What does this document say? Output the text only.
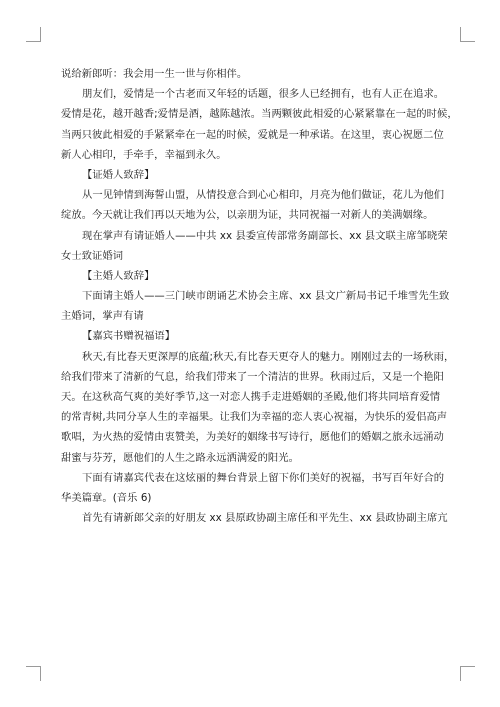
说给新郎听：我会用一生一世与你相伴。
朋友们，爱情是一个古老而又年轻的话题，很多人已经拥有，也有人正在追求。
爱情是花，越开越香;爱情是酒，越陈越浓。当两颗彼此相爱的心紧紧靠在一起的时候，
当两只彼此相爱的手紧紧牵在一起的时候，爱就是一种承诺。在这里，衷心祝愿二位
新人心相印，手牵手，幸福到永久。
【证婚人致辞】
从一见钟情到海誓山盟，从情投意合到心心相印，月亮为他们做证，花儿为他们
绽放。今天就让我们再以天地为公，以亲朋为证，共同祝福一对新人的美满姻缘。
现在掌声有请证婚人——中共 xx 县委宣传部常务副部长、xx 县文联主席邹晓荣
女士致证婚词
【主婚人致辞】
下面请主婚人——三门峡市朗诵艺术协会主席、xx 县文广新局书记千堆雪先生致
主婚词，掌声有请
【嘉宾书赠祝福语】
秋天,有比春天更深厚的底蕴;秋天,有比春天更夺人的魅力。刚刚过去的一场秋雨，
给我们带来了清新的气息，给我们带来了一个清洁的世界。秋雨过后，又是一个艳阳
天。在这秋高气爽的美好季节,这一对恋人携手走进婚姻的圣殿,他们将共同培育爱情
的常青树,共同分享人生的幸福果。让我们为幸福的恋人衷心祝福，为快乐的爱侣高声
歌唱，为火热的爱情由衷赞美，为美好的姻缘书写诗行，愿他们的婚姻之旅永远涌动
甜蜜与芬芳，愿他们的人生之路永远洒满爱的阳光。
下面有请嘉宾代表在这炫丽的舞台背景上留下你们美好的祝福，书写百年好合的
华美篇章。(音乐 6)
首先有请新郎父亲的好朋友 xx 县原政协副主席任和平先生、xx 县政协副主席亢
